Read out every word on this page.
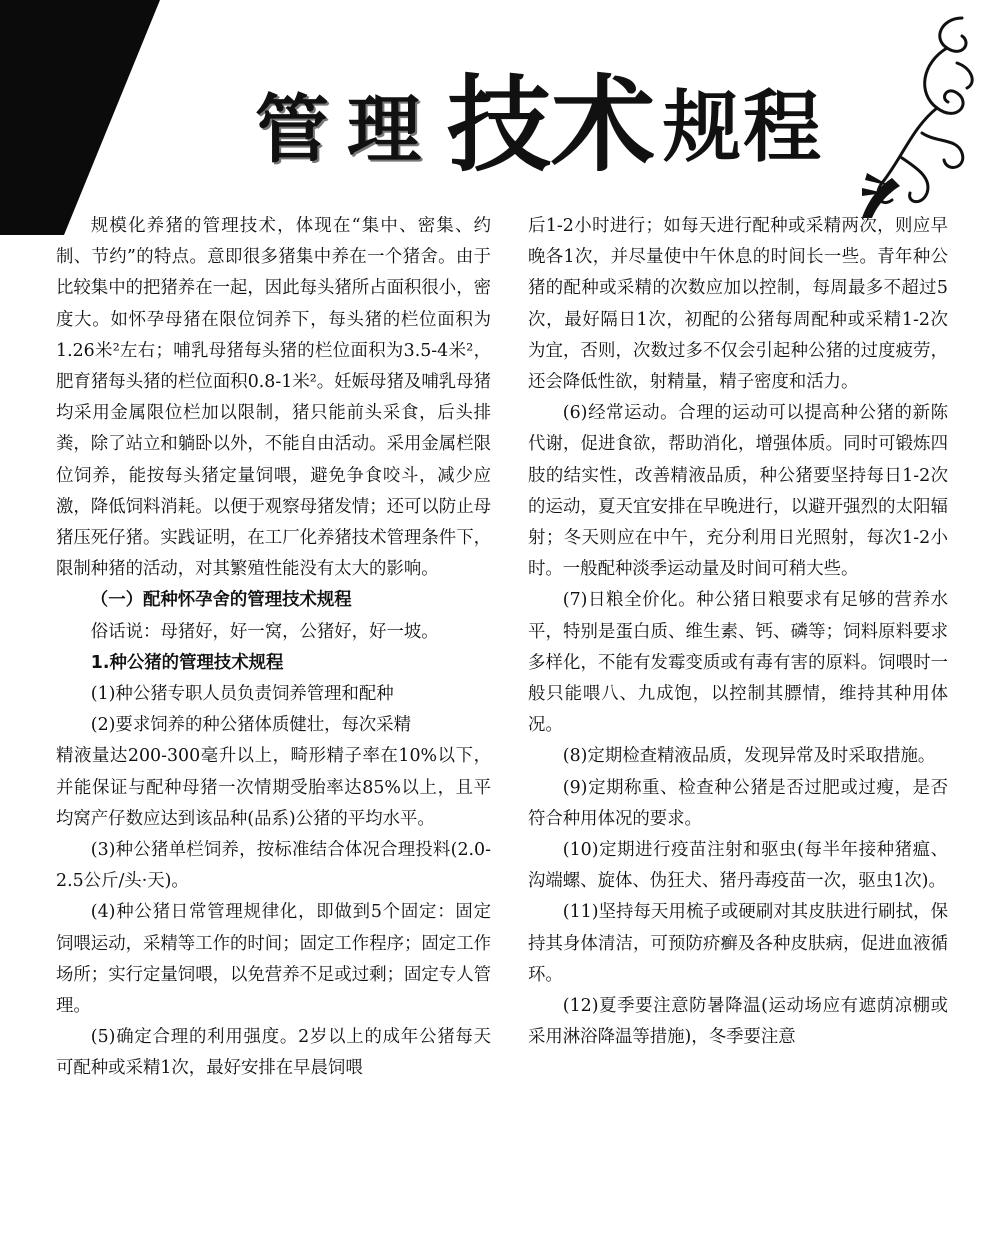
管理 技术 规程

规模化养猪的管理技术，体现在“集中、密集、约制、节约”的特点。意即很多猪集中养在一个猪舍。由于比较集中的把猪养在一起，因此每头猪所占面积很小，密度大。如怀孕母猪在限位饲养下，每头猪的栏位面积为1.26米²左右；哺乳母猪每头猪的栏位面积为3.5-4米²，肥育猪每头猪的栏位面积0.8-1米²。妊娠母猪及哺乳母猪均采用金属限位栏加以限制，猪只能前头采食，后头排粪，除了站立和躺卧以外，不能自由活动。采用金属栏限位饲养，能按每头猪定量饲喂，避免争食咬斗，减少应激，降低饲料消耗。以便于观察母猪发情；还可以防止母猪压死仔猪。实践证明，在工厂化养猪技术管理条件下，限制种猪的活动，对其繁殖性能没有太大的影响。

（一）配种怀孕舍的管理技术规程

俗话说：母猪好，好一窝，公猪好，好一坡。

1.种公猪的管理技术规程

(1)种公猪专职人员负责饲养管理和配种

(2)要求饲养的种公猪体质健壮，每次采精

精液量达200-300毫升以上，畸形精子率在10%以下，并能保证与配种母猪一次情期受胎率达85%以上，且平均窝产仔数应达到该品种(品系)公猪的平均水平。

(3)种公猪单栏饲养，按标准结合体况合理投料(2.0-2.5公斤/头·天)。

(4)种公猪日常管理规律化，即做到5个固定：固定饲喂运动，采精等工作的时间；固定工作程序；固定工作场所；实行定量饲喂，以免营养不足或过剩；固定专人管理。

(5)确定合理的利用强度。2岁以上的成年公猪每天可配种或采精1次，最好安排在早晨饲喂

后1-2小时进行；如每天进行配种或采精两次，则应早晚各1次，并尽量使中午休息的时间长一些。青年种公猪的配种或采精的次数应加以控制，每周最多不超过5次，最好隔日1次，初配的公猪每周配种或采精1-2次为宜，否则，次数过多不仅会引起种公猪的过度疲劳，还会降低性欲，射精量，精子密度和活力。

(6)经常运动。合理的运动可以提高种公猪的新陈代谢，促进食欲，帮助消化，增强体质。同时可锻炼四肢的结实性，改善精液品质，种公猪要坚持每日1-2次的运动，夏天宜安排在早晚进行，以避开强烈的太阳辐射；冬天则应在中午，充分利用日光照射，每次1-2小时。一般配种淡季运动量及时间可稍大些。

(7)日粮全价化。种公猪日粮要求有足够的营养水平，特别是蛋白质、维生素、钙、磷等；饲料原料要求多样化，不能有发霉变质或有毒有害的原料。饲喂时一般只能喂八、九成饱，以控制其膘情，维持其种用体况。

(8)定期检查精液品质，发现异常及时采取措施。

(9)定期称重、检查种公猪是否过肥或过瘦，是否符合种用体况的要求。

(10)定期进行疫苗注射和驱虫(每半年接种猪瘟、沟端螺、旋体、伪狂犬、猪丹毒疫苗一次，驱虫1次)。

(11)坚持每天用梳子或硬刷对其皮肤进行刷拭，保持其身体清洁，可预防疥癣及各种皮肤病，促进血液循环。

(12)夏季要注意防暑降温(运动场应有遮荫凉棚或采用淋浴降温等措施)，冬季要注意
